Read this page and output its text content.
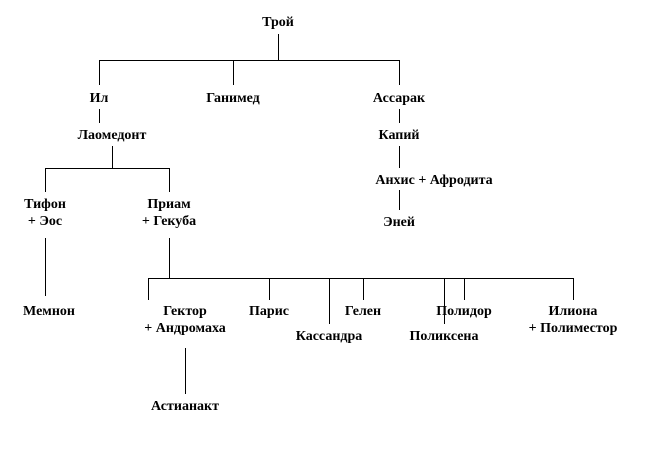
Трой
Ил	Ганимед	Ассарак
Лаомедонт	Капий
Анхис + Афродита
Эней
Тифон
+ Эос
Приам
+ Гекуба
Мемнон	Гектор
+ Андромаха
Парис
Кассандра
Гелен
Поликсена
Полидор	Илиона
+ Полиместор
Астианакт
